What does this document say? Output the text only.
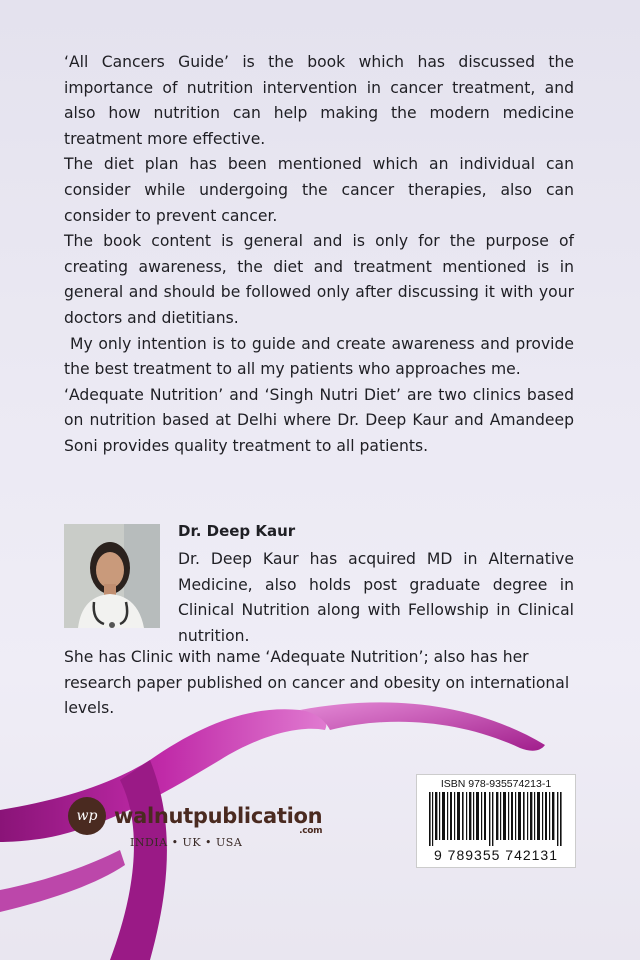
‘All Cancers Guide’ is the book which has discussed the importance of nutrition intervention in cancer treatment, and also how nutrition can help making the modern medicine treatment more effective.

The diet plan has been mentioned which an individual can consider while undergoing the cancer therapies, also can consider to prevent cancer.

The book content is general and is only for the purpose of creating awareness, the diet and treatment mentioned is in general and should be followed only after discussing it with your doctors and dietitians.

My only intention is to guide and create awareness and provide the best treatment to all my patients who approaches me.

‘Adequate Nutrition’ and ‘Singh Nutri Diet’ are two clinics based on nutrition based at Delhi where Dr. Deep Kaur and Amandeep Soni provides quality treatment to all patients.

Dr. Deep Kaur
Dr. Deep Kaur has acquired MD in Alternative Medicine, also holds post graduate degree in Clinical Nutrition along with Fellowship in Clinical nutrition.
She has Clinic with name ‘Adequate Nutrition’; also has her research paper published on cancer and obesity on international levels.
wp walnutpublication
.com
INDIA • UK • USA
ISBN 978-935574213-1
9 789355 742131
